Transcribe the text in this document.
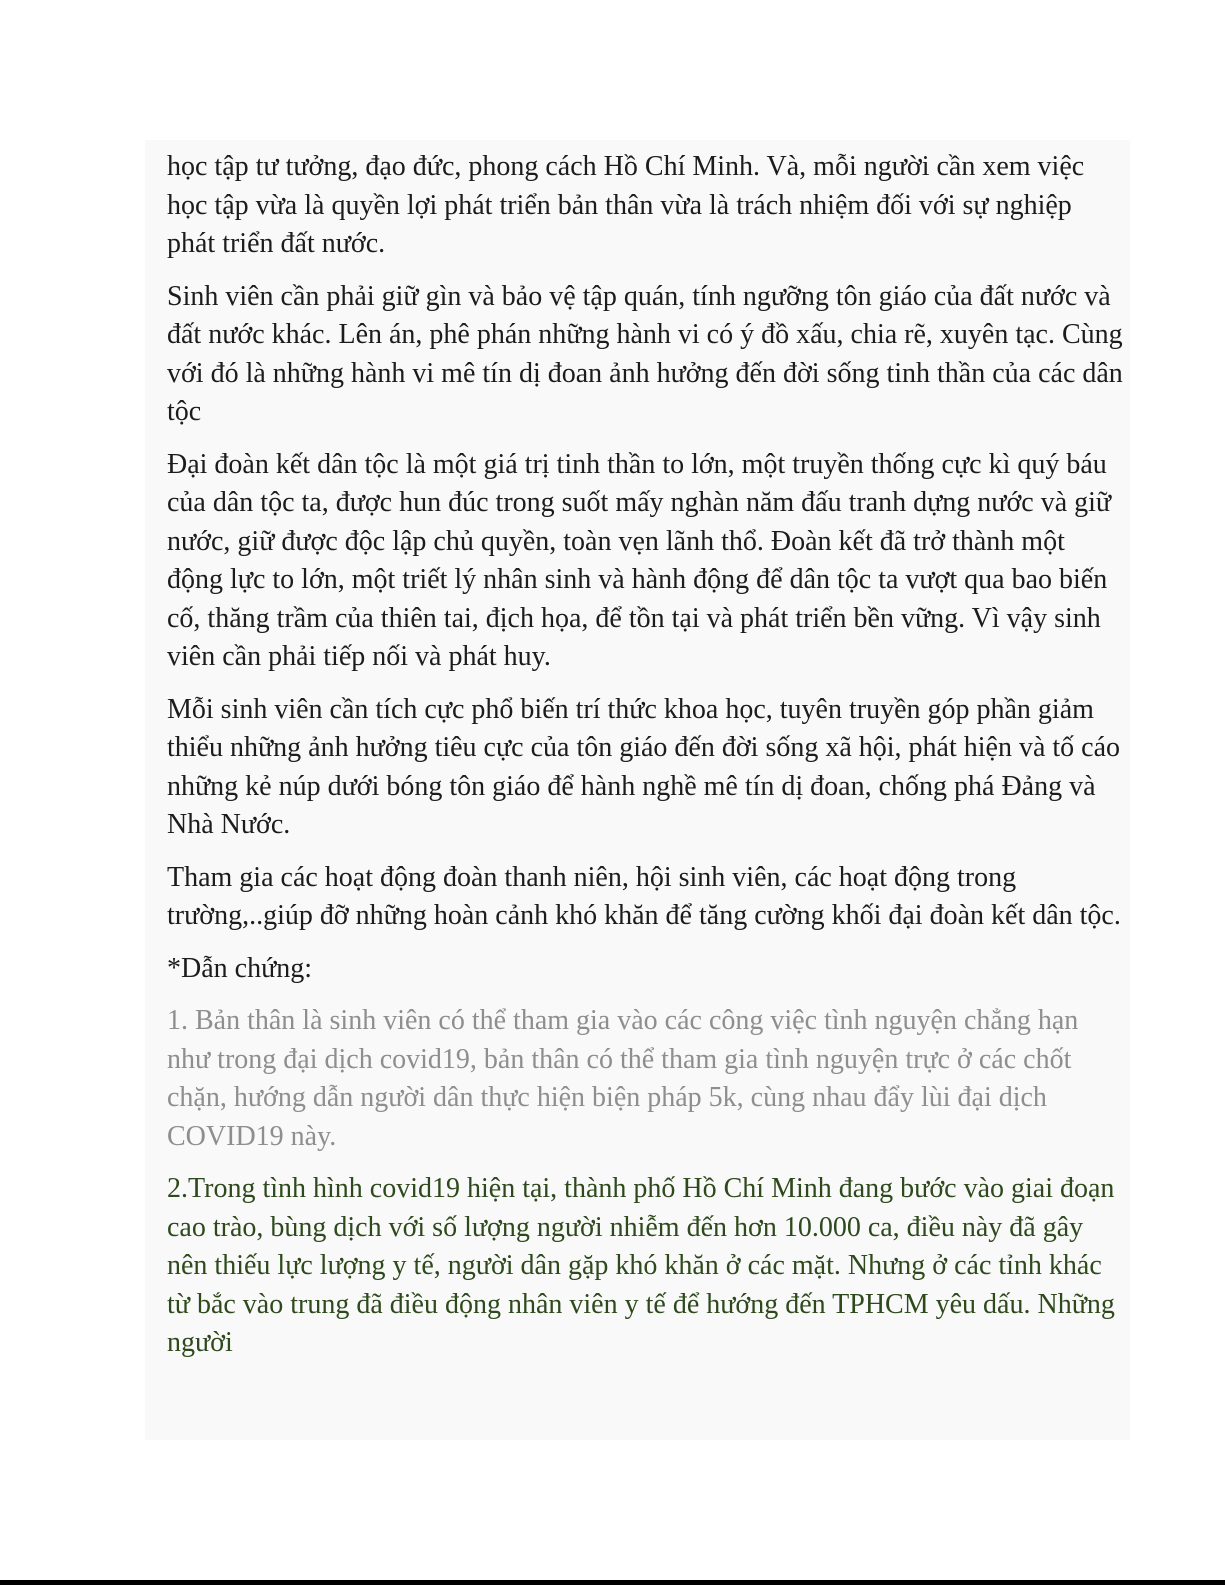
học tập tư tưởng, đạo đức, phong cách Hồ Chí Minh. Và, mỗi người cần xem việc học tập vừa là quyền lợi phát triển bản thân vừa là trách nhiệm đối với sự nghiệp phát triển đất nước.

Sinh viên cần phải giữ gìn và bảo vệ tập quán, tính ngưỡng tôn giáo của đất nước và đất nước khác. Lên án, phê phán những hành vi có ý đồ xấu, chia rẽ, xuyên tạc. Cùng với đó là những hành vi mê tín dị đoan ảnh hưởng đến đời sống tinh thần của các dân tộc

Đại đoàn kết dân tộc là một giá trị tinh thần to lớn, một truyền thống cực kì quý báu của dân tộc ta, được hun đúc trong suốt mấy nghàn năm đấu tranh dựng nước và giữ nước, giữ được độc lập chủ quyền, toàn vẹn lãnh thổ. Đoàn kết đã trở thành một động lực to lớn, một triết lý nhân sinh và hành động để dân tộc ta vượt qua bao biến cố, thăng trầm của thiên tai, địch họa, để tồn tại và phát triển bền vững. Vì vậy sinh viên cần phải tiếp nối và phát huy.

Mỗi sinh viên cần tích cực phổ biến trí thức khoa học, tuyên truyền góp phần giảm thiểu những ảnh hưởng tiêu cực của tôn giáo đến đời sống xã hội, phát hiện và tố cáo những kẻ núp dưới bóng tôn giáo để hành nghề mê tín dị đoan, chống phá Đảng và Nhà Nước.

Tham gia các hoạt động đoàn thanh niên, hội sinh viên, các hoạt động trong trường,..giúp đỡ những hoàn cảnh khó khăn để tăng cường khối đại đoàn kết dân tộc.

*Dẫn chứng:

1. Bản thân là sinh viên có thể tham gia vào các công việc tình nguyện chẳng hạn như trong đại dịch covid19, bản thân có thể tham gia tình nguyện trực ở các chốt chặn, hướng dẫn người dân thực hiện biện pháp 5k, cùng nhau đẩy lùi đại dịch COVID19 này.

2.Trong tình hình covid19 hiện tại, thành phố Hồ Chí Minh đang bước vào giai đoạn cao trào, bùng dịch với số lượng người nhiễm đến hơn 10.000 ca, điều này đã gây nên thiếu lực lượng y tế, người dân gặp khó khăn ở các mặt. Nhưng ở các tỉnh khác từ bắc vào trung đã điều động nhân viên y tế để hướng đến TPHCM yêu dấu. Những người
